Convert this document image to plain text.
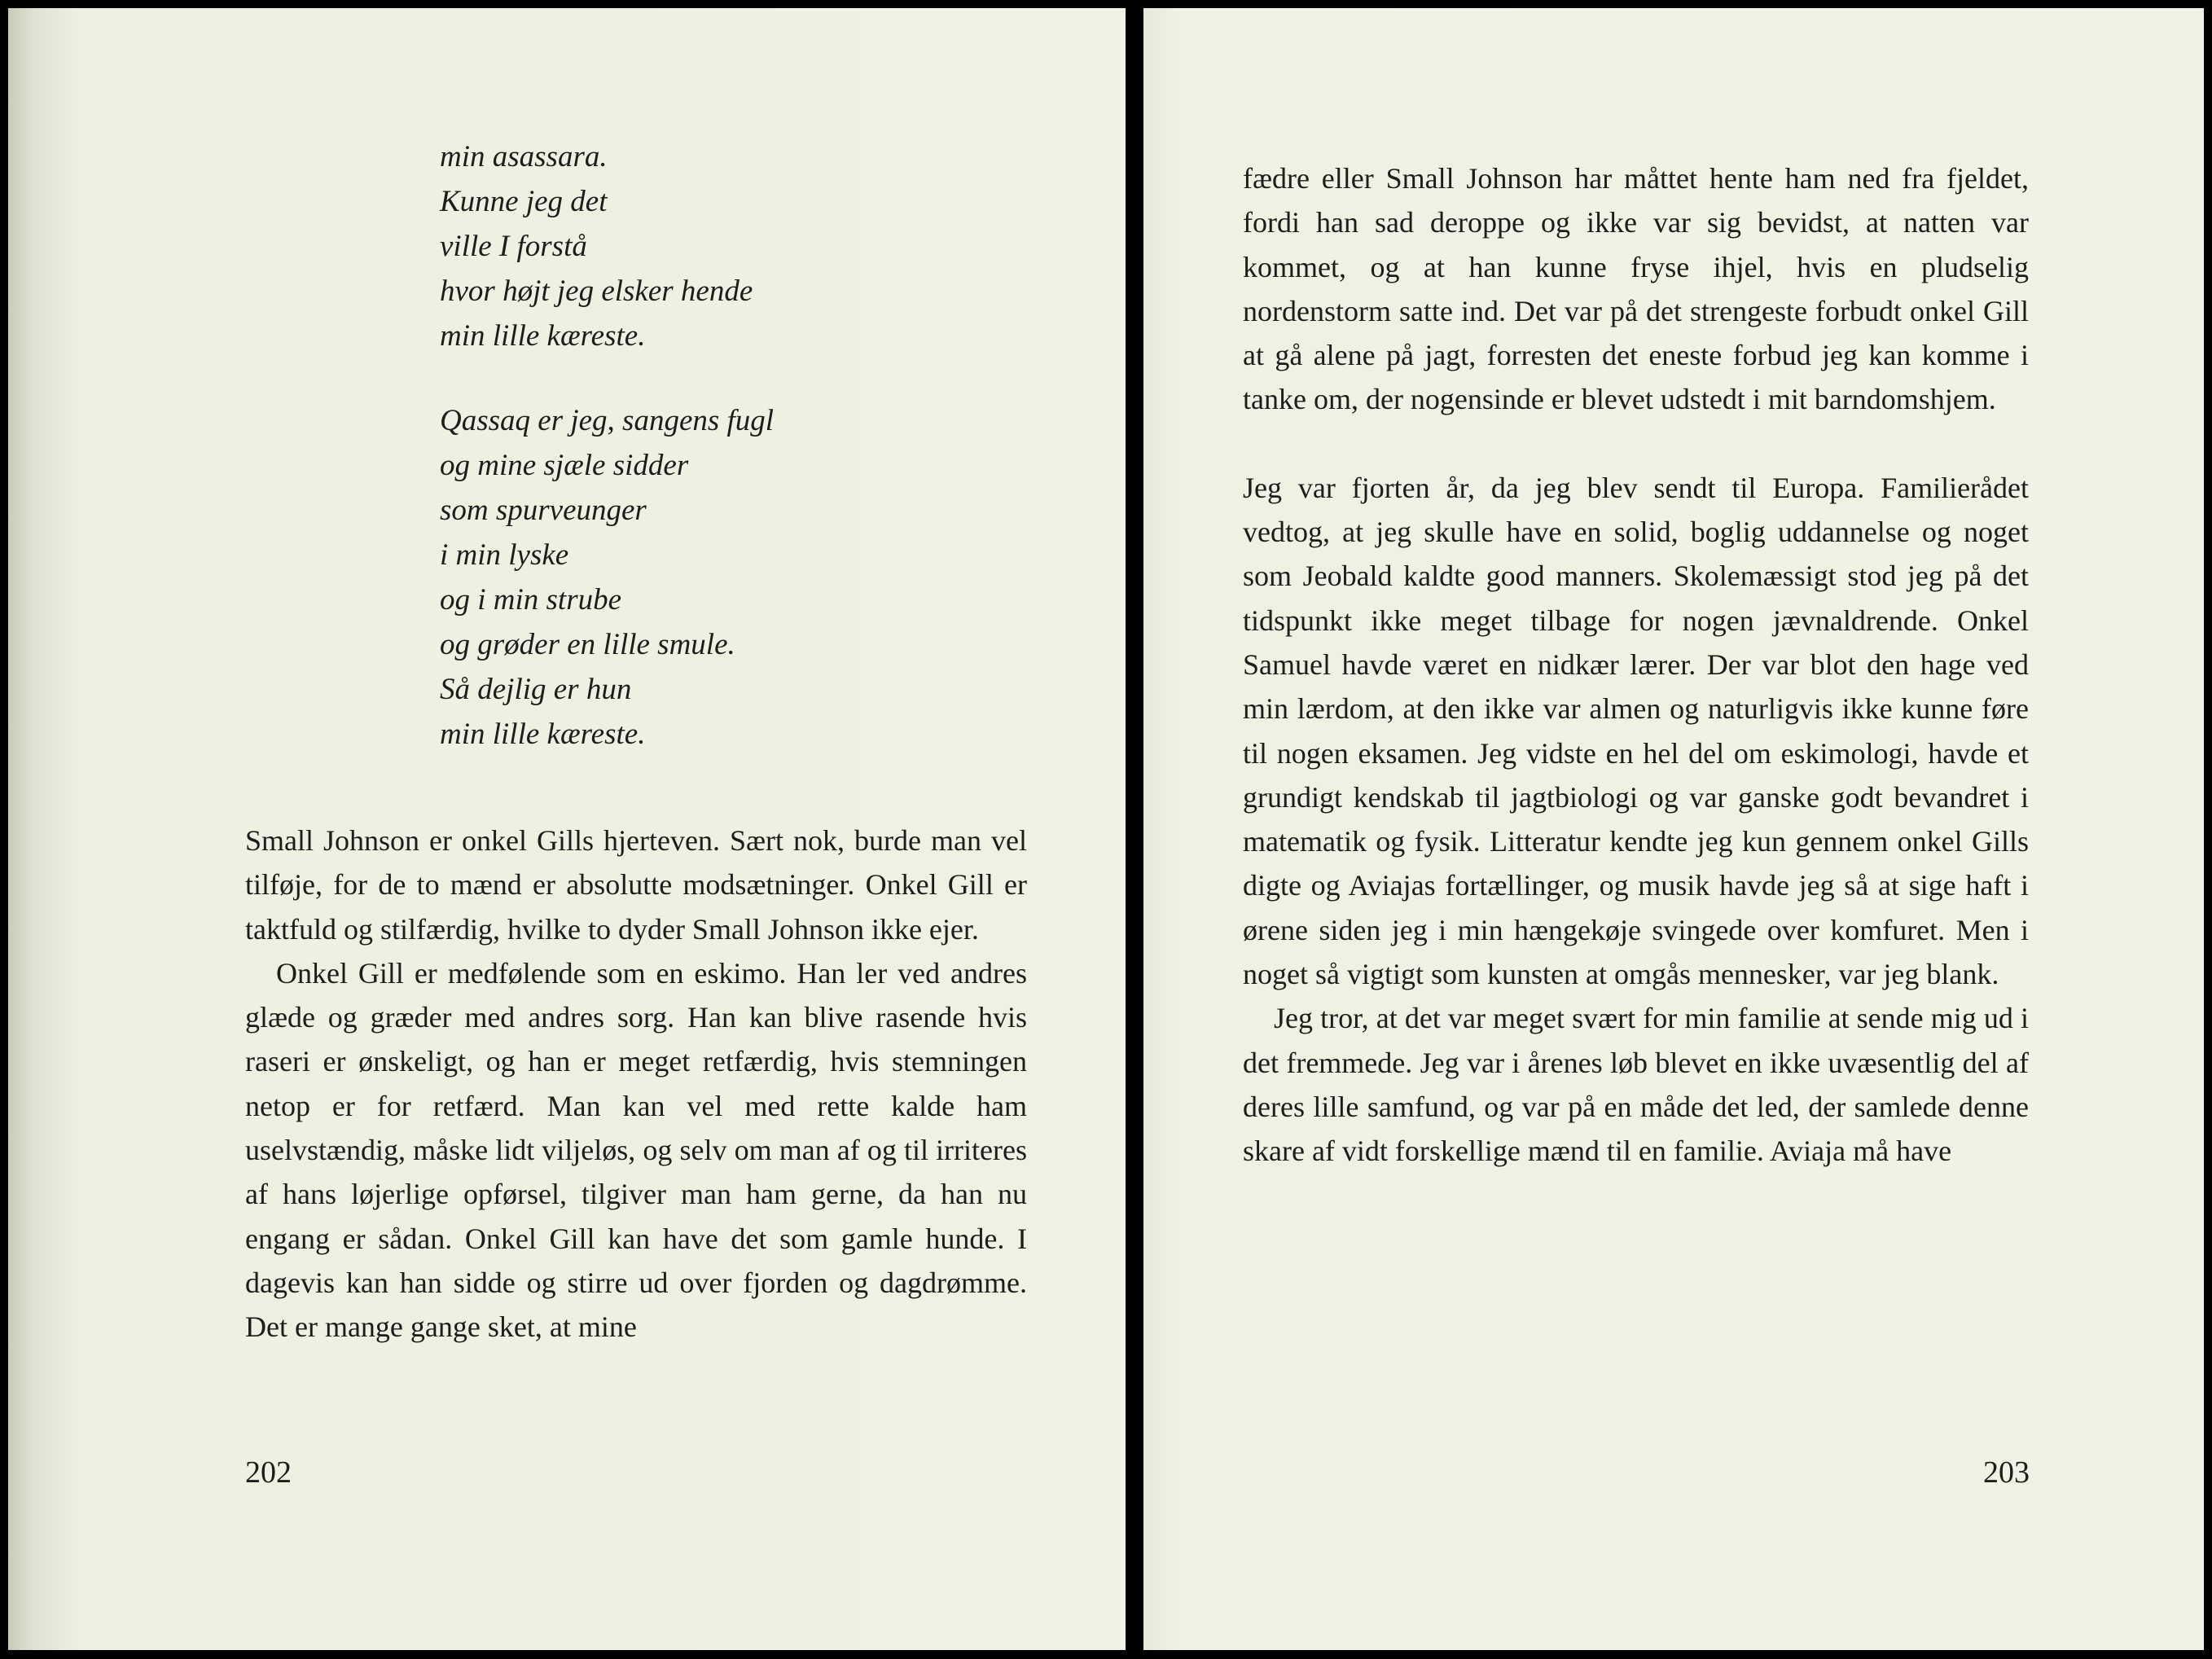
min asassara.
Kunne jeg det
ville I forstå
hvor højt jeg elsker hende
min lille kæreste.
Qassaq er jeg, sangens fugl
og mine sjæle sidder
som spurveunger
i min lyske
og i min strube
og grøder en lille smule.
Så dejlig er hun
min lille kæreste.

Small Johnson er onkel Gills hjerteven. Sært nok, burde man vel tilføje, for de to mænd er absolutte modsætninger. Onkel Gill er taktfuld og stilfærdig, hvilke to dyder Small Johnson ikke ejer.

Onkel Gill er medfølende som en eskimo. Han ler ved andres glæde og græder med andres sorg. Han kan blive rasende hvis raseri er ønskeligt, og han er meget retfærdig, hvis stemningen netop er for retfærd. Man kan vel med rette kalde ham uselvstændig, måske lidt viljeløs, og selv om man af og til irriteres af hans løjerlige opførsel, tilgiver man ham gerne, da han nu engang er sådan. Onkel Gill kan have det som gamle hunde. I dagevis kan han sidde og stirre ud over fjorden og dagdrømme. Det er mange gange sket, at mine

202

fædre eller Small Johnson har måttet hente ham ned fra fjeldet, fordi han sad deroppe og ikke var sig bevidst, at natten var kommet, og at han kunne fryse ihjel, hvis en pludselig nordenstorm satte ind. Det var på det strengeste forbudt onkel Gill at gå alene på jagt, forresten det eneste forbud jeg kan komme i tanke om, der nogensinde er blevet udstedt i mit barndomshjem.

Jeg var fjorten år, da jeg blev sendt til Europa. Familierådet vedtog, at jeg skulle have en solid, boglig uddannelse og noget som Jeobald kaldte good manners. Skolemæssigt stod jeg på det tidspunkt ikke meget tilbage for nogen jævnaldrende. Onkel Samuel havde været en nidkær lærer. Der var blot den hage ved min lærdom, at den ikke var almen og naturligvis ikke kunne føre til nogen eksamen. Jeg vidste en hel del om eskimologi, havde et grundigt kendskab til jagtbiologi og var ganske godt bevandret i matematik og fysik. Litteratur kendte jeg kun gennem onkel Gills digte og Aviajas fortællinger, og musik havde jeg så at sige haft i ørene siden jeg i min hængekøje svingede over komfuret. Men i noget så vigtigt som kunsten at omgås mennesker, var jeg blank.

Jeg tror, at det var meget svært for min familie at sende mig ud i det fremmede. Jeg var i årenes løb blevet en ikke uvæsentlig del af deres lille samfund, og var på en måde det led, der samlede denne skare af vidt forskellige mænd til en familie. Aviaja må have

203
